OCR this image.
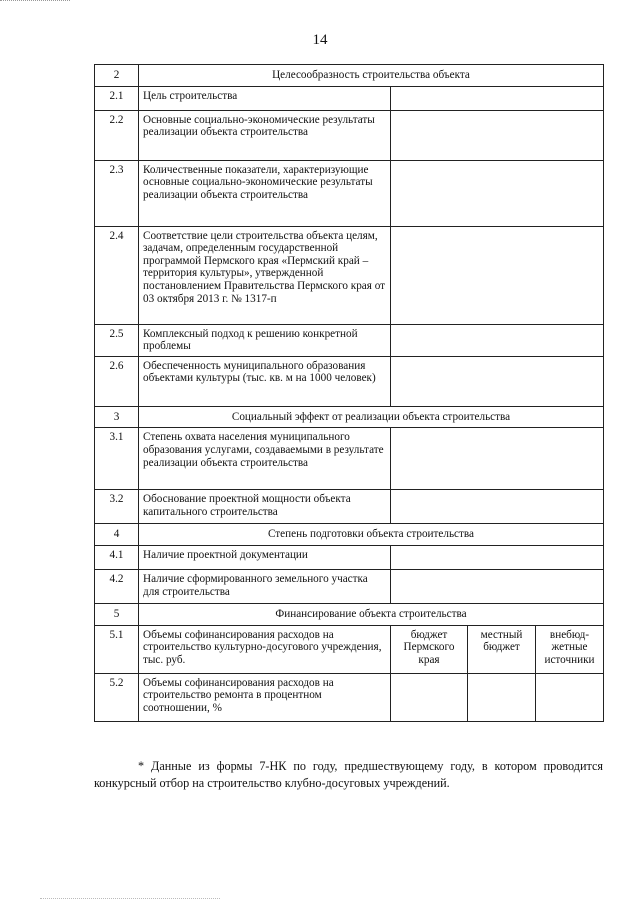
14
2	Целесообразность строительства объекта			
2.1	Цель строительства			
2.2	Основные социально-экономические результаты реализации объекта строительства			
2.3	Количественные показатели, характеризующие основные социально-экономические результаты реализации объекта строительства			
2.4	Соответствие цели строительства объекта целям, задачам, определенным государственной программой Пермского края «Пермский край – территория культуры», утвержденной постановлением Правительства Пермского края от 03 октября 2013 г. № 1317-п			
2.5	Комплексный подход к решению конкретной проблемы			
2.6	Обеспеченность муниципального образования объектами культуры (тыс. кв. м на 1000 человек)			
3	Социальный эффект от реализации объекта строительства			
3.1	Степень охвата населения муниципального образования услугами, создаваемыми в результате реализации объекта строительства			
3.2	Обоснование проектной мощности объекта капитального строительства			
4	Степень подготовки объекта строительства			
4.1	Наличие проектной документации			
4.2	Наличие сформированного земельного участка для строительства			
5	Финансирование объекта строительства			
5.1	Объемы софинансирования расходов на строительство культурно-досугового учреждения, тыс. руб.	бюджет Пермского края	местный бюджет	внебюд-жетные источники
5.2	Объемы софинансирования расходов на строительство ремонта в процентном соотношении, %			
* Данные из формы 7-НК по году, предшествующему году, в котором проводится конкурсный отбор на строительство клубно-досуговых учреждений.
